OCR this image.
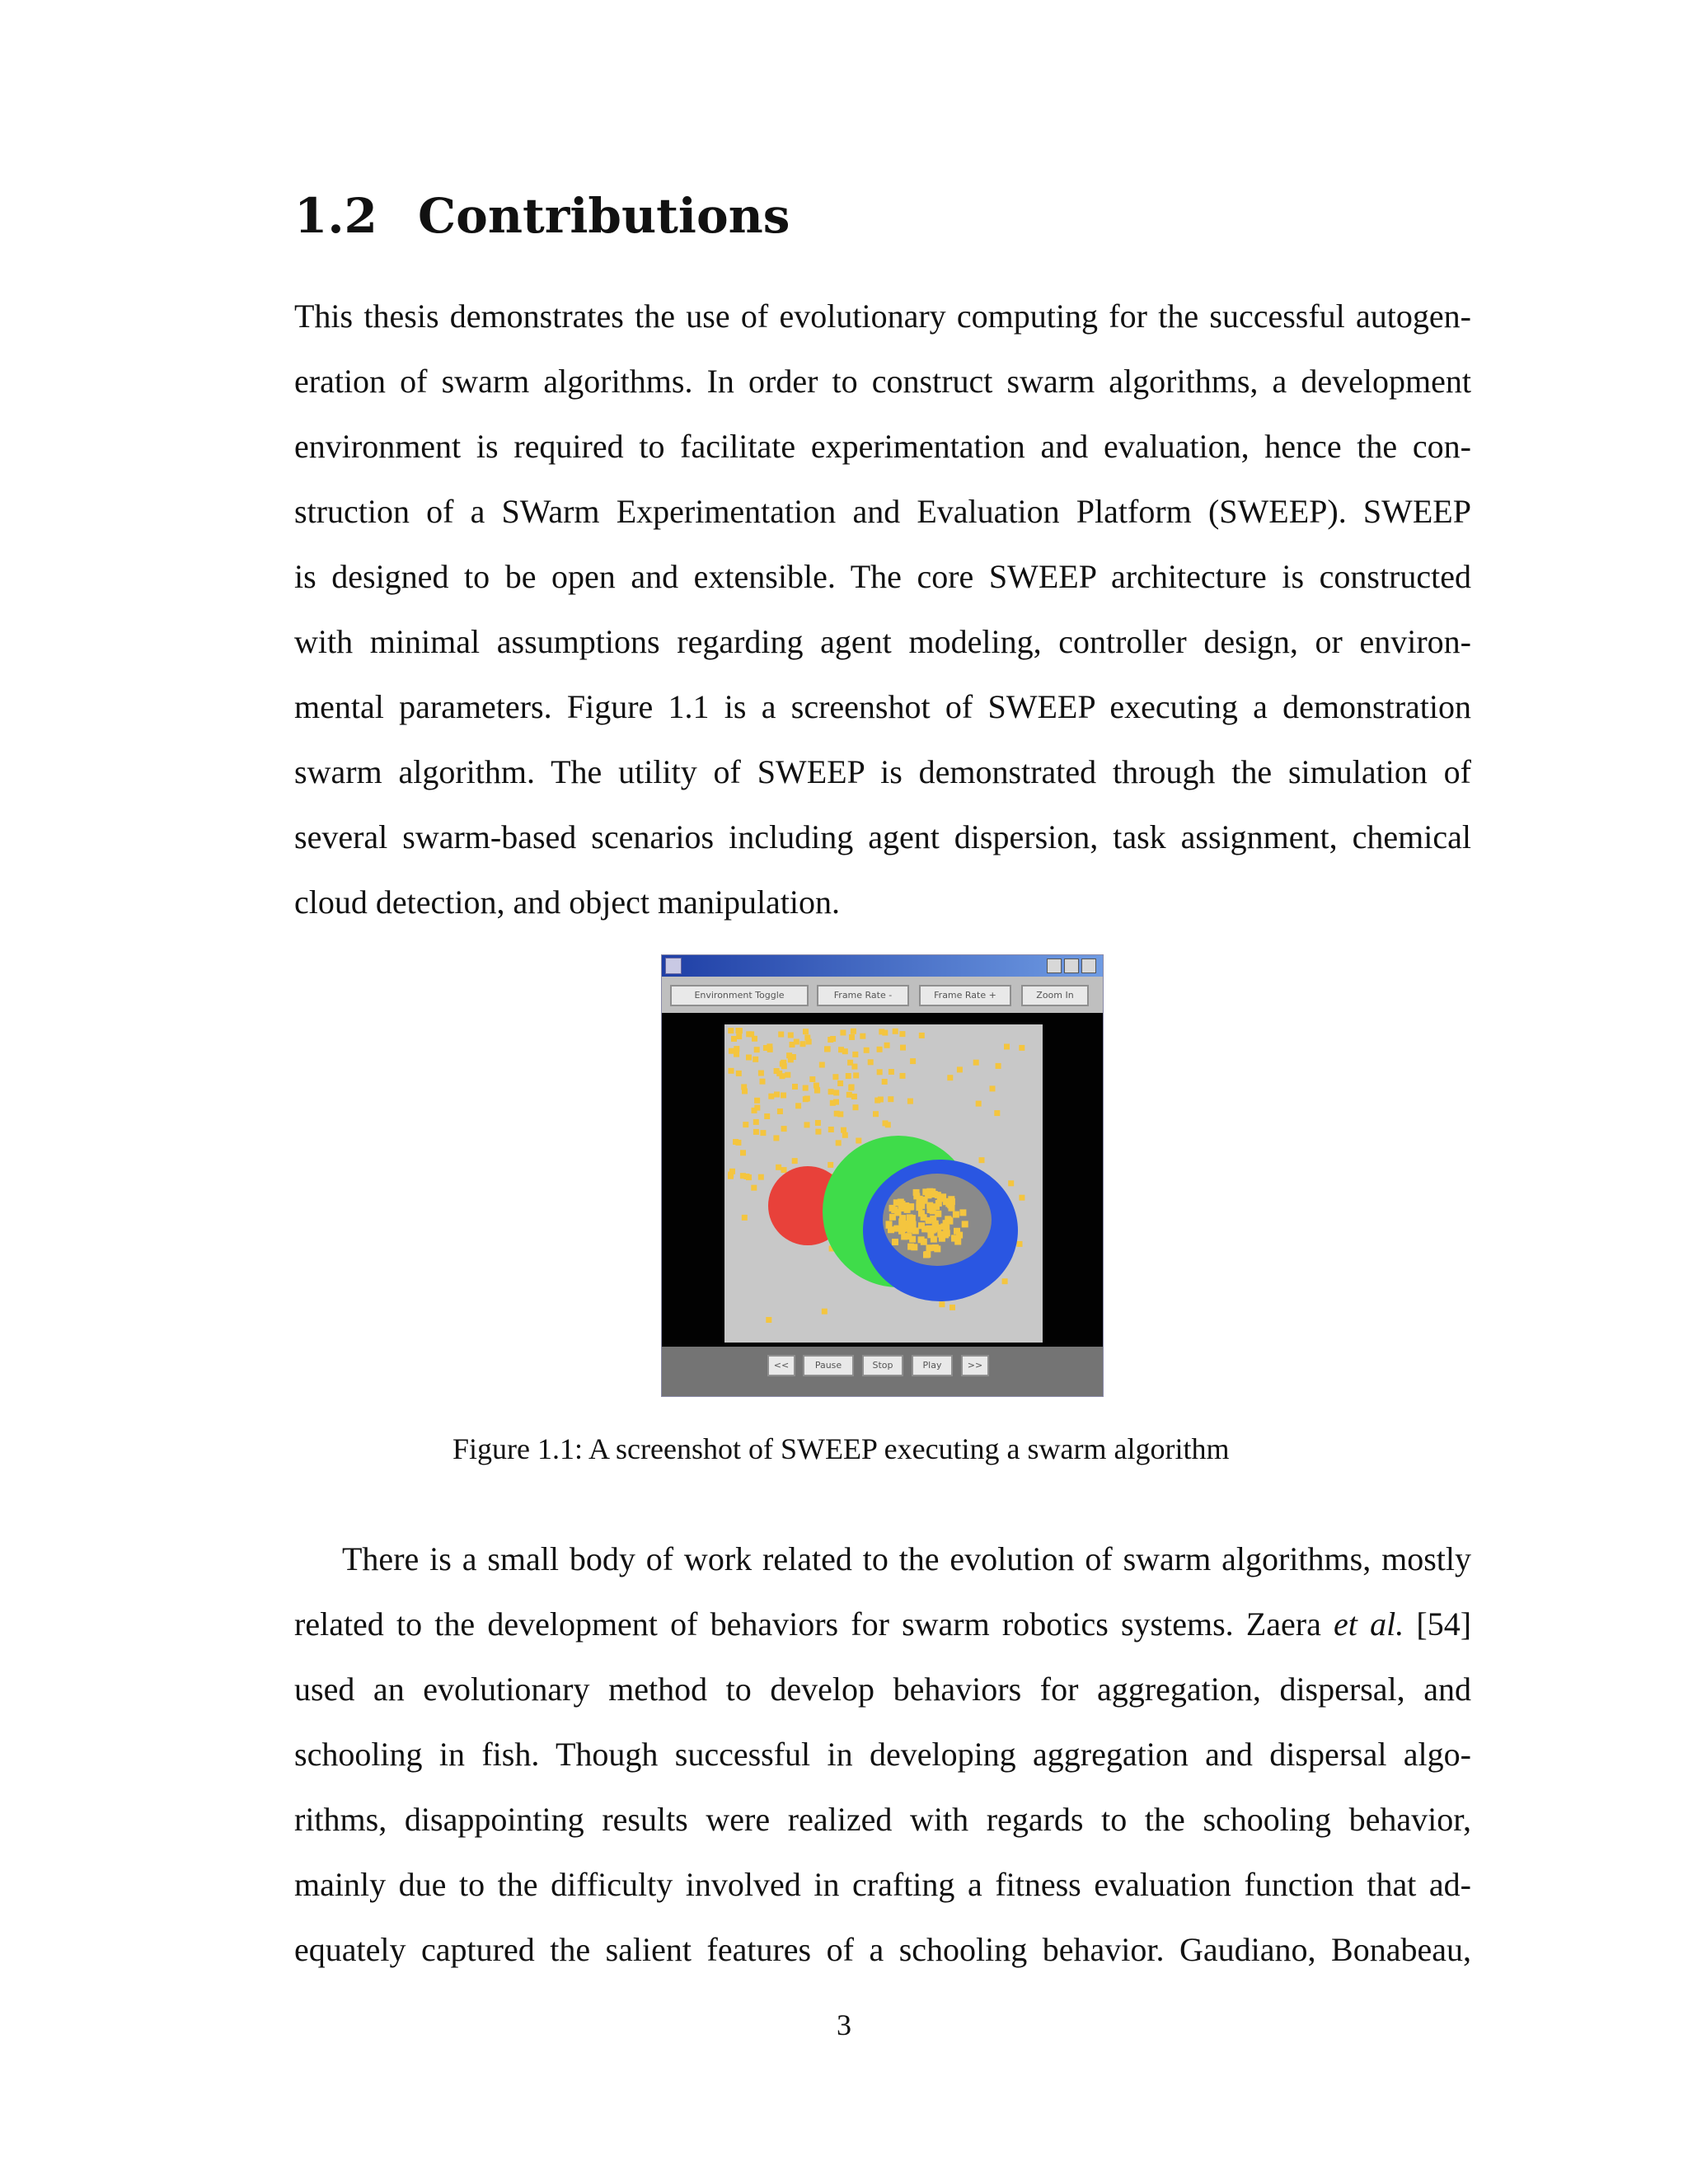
1.2 Contributions
This thesis demonstrates the use of evolutionary computing for the successful autogen-
eration of swarm algorithms. In order to construct swarm algorithms, a development
environment is required to facilitate experimentation and evaluation, hence the con-
struction of a SWarm Experimentation and Evaluation Platform (SWEEP). SWEEP
is designed to be open and extensible. The core SWEEP architecture is constructed
with minimal assumptions regarding agent modeling, controller design, or environ-
mental parameters. Figure 1.1 is a screenshot of SWEEP executing a demonstration
swarm algorithm. The utility of SWEEP is demonstrated through the simulation of
several swarm-based scenarios including agent dispersion, task assignment, chemical
cloud detection, and object manipulation.
Environment Toggle	Frame Rate -	Frame Rate +	Zoom In
<<	Pause	Stop	Play	>>

Figure 1.1: A screenshot of SWEEP executing a swarm algorithm

There is a small body of work related to the evolution of swarm algorithms, mostly
related to the development of behaviors for swarm robotics systems. Zaera et al. [54]
used an evolutionary method to develop behaviors for aggregation, dispersal, and
schooling in fish. Though successful in developing aggregation and dispersal algo-
rithms, disappointing results were realized with regards to the schooling behavior,
mainly due to the difficulty involved in crafting a fitness evaluation function that ad-
equately captured the salient features of a schooling behavior. Gaudiano, Bonabeau,

3
